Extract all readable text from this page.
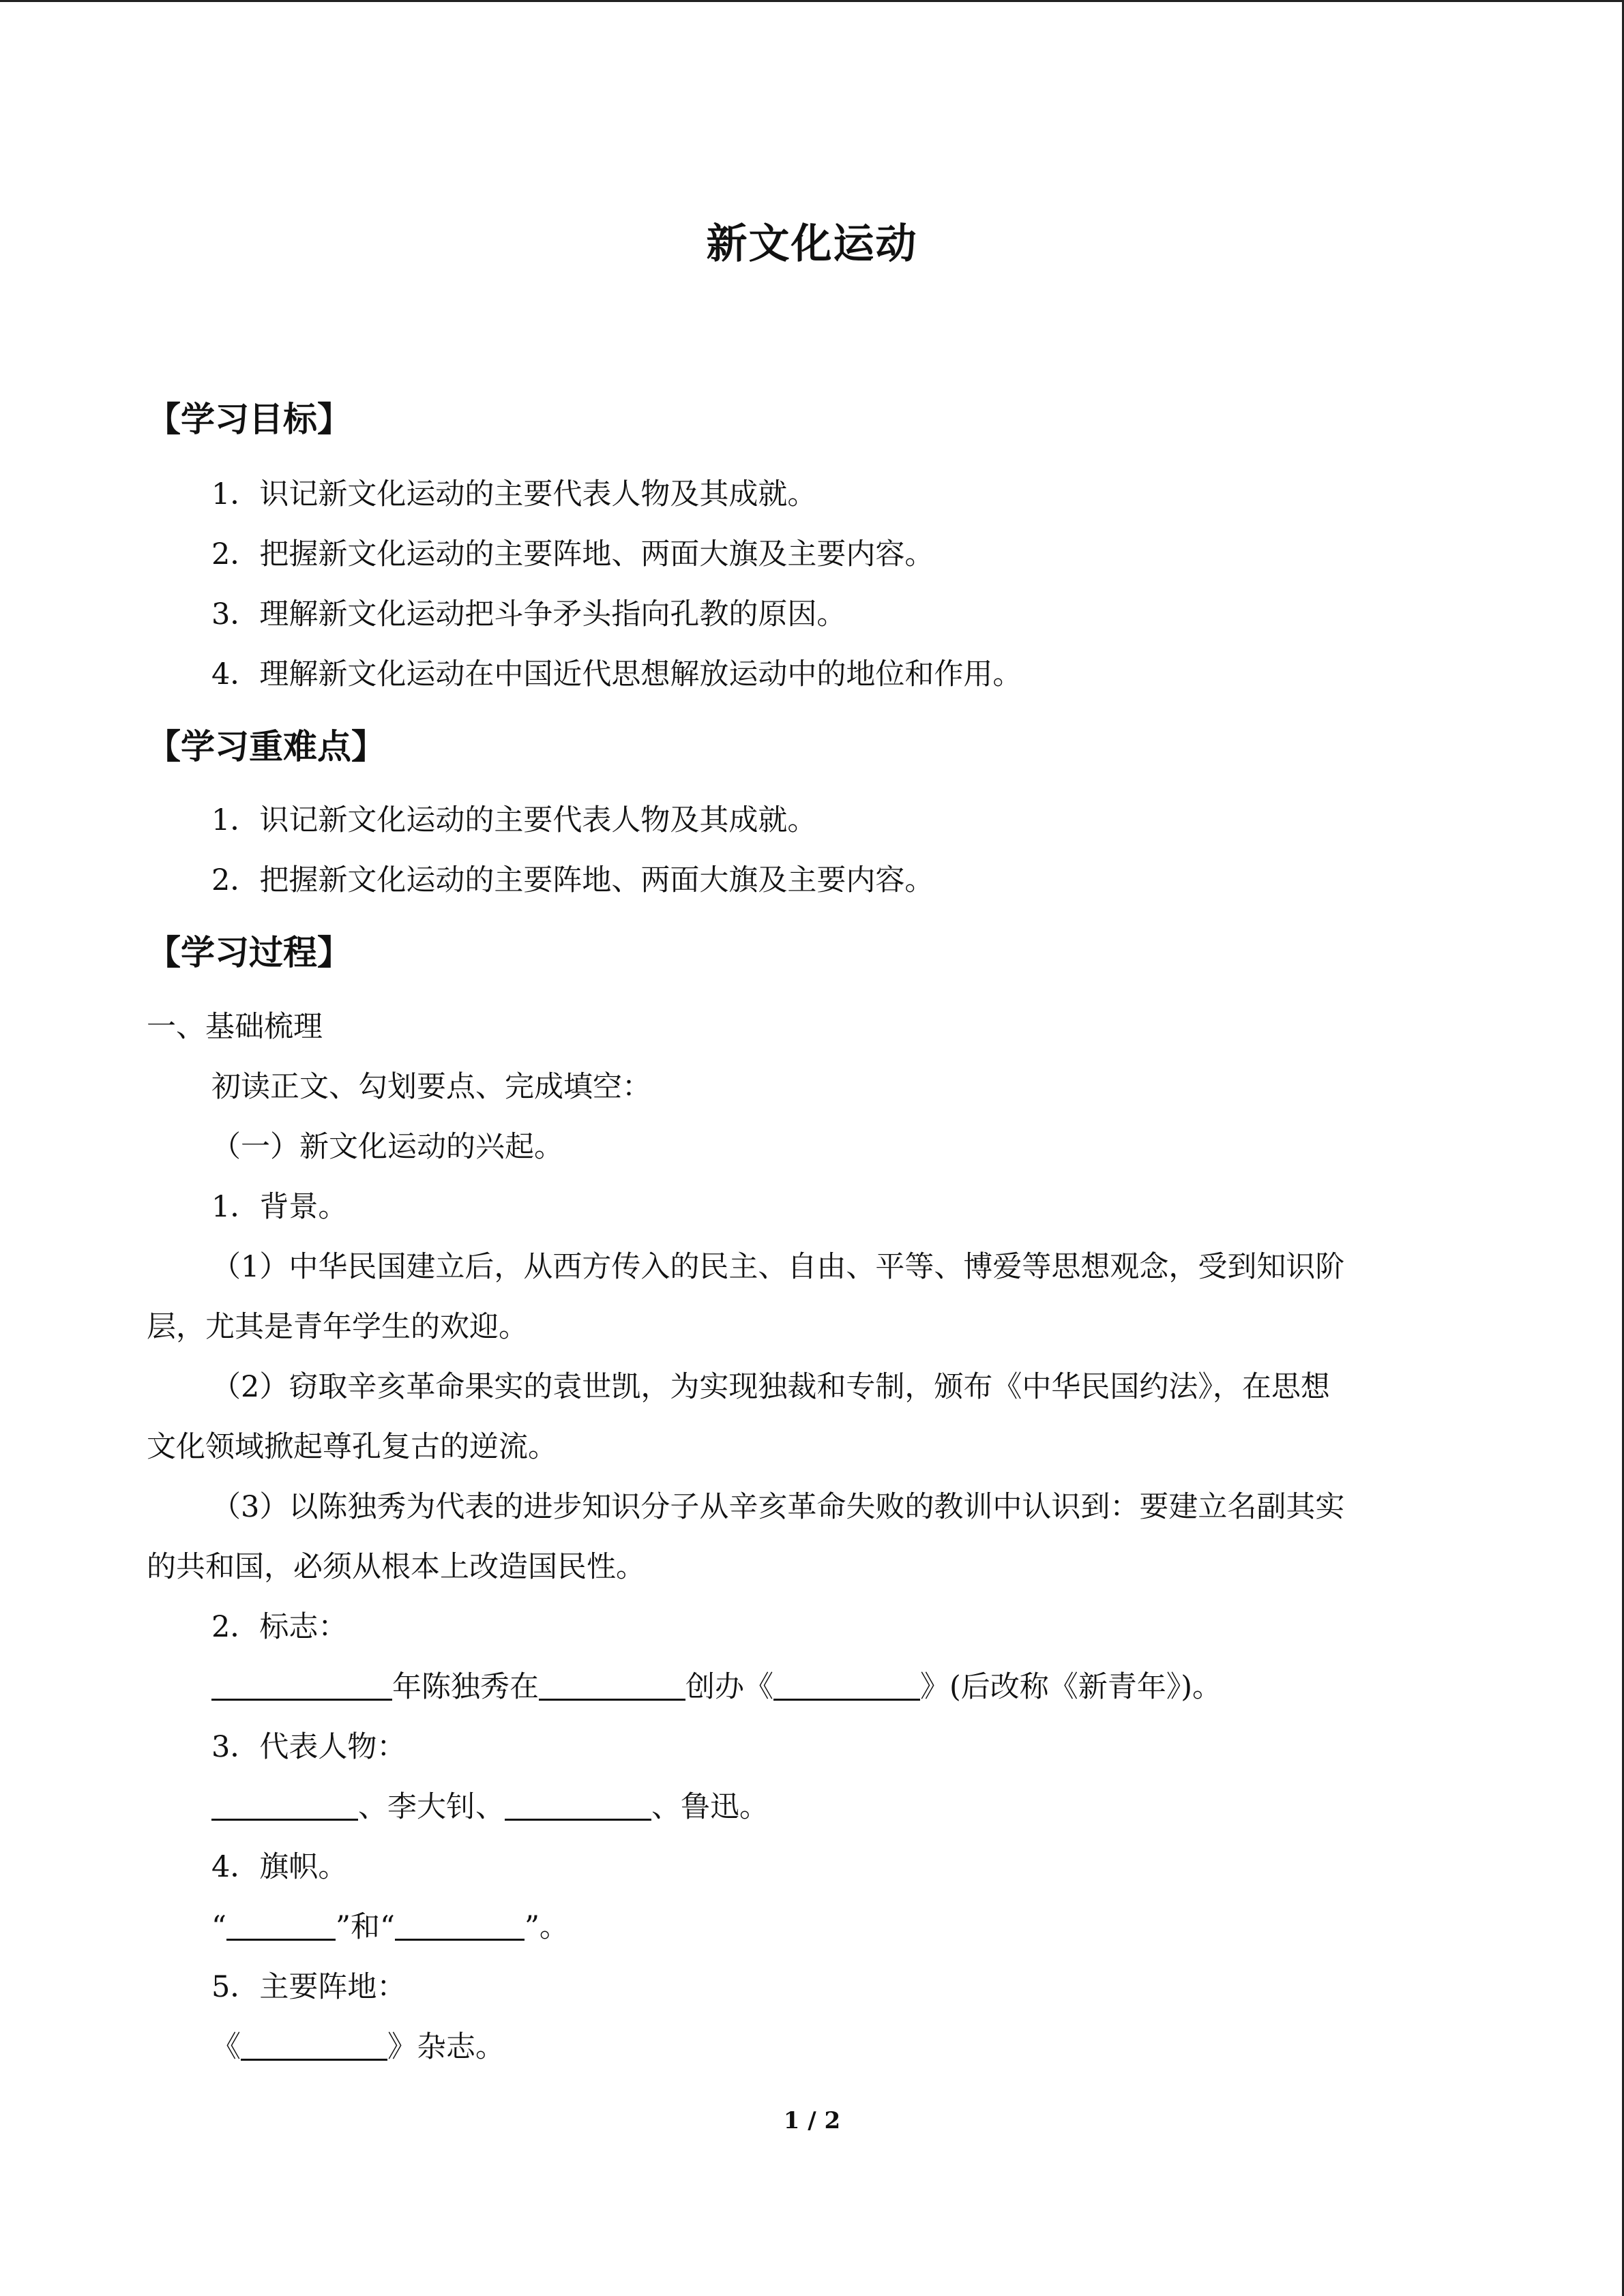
新文化运动
【学习目标】
1．识记新文化运动的主要代表人物及其成就。
2．把握新文化运动的主要阵地、两面大旗及主要内容。
3．理解新文化运动把斗争矛头指向孔教的原因。
4．理解新文化运动在中国近代思想解放运动中的地位和作用。
【学习重难点】
1．识记新文化运动的主要代表人物及其成就。
2．把握新文化运动的主要阵地、两面大旗及主要内容。
【学习过程】
一、基础梳理
初读正文、勾划要点、完成填空：
（一）新文化运动的兴起。
1．背景。
（1）中华民国建立后，从西方传入的民主、自由、平等、博爱等思想观念，受到知识阶
层，尤其是青年学生的欢迎。
（2）窃取辛亥革命果实的袁世凯，为实现独裁和专制，颁布《中华民国约法》，在思想
文化领域掀起尊孔复古的逆流。
（3）以陈独秀为代表的进步知识分子从辛亥革命失败的教训中认识到：要建立名副其实
的共和国，必须从根本上改造国民性。
2．标志：
年陈独秀在	创办《	》(后改称《新青年》)。
3．代表人物：
、李大钊、	、鲁迅。
4．旗帜。
“	”和“	”。
5．主要阵地：
《	》杂志。
1 / 2
